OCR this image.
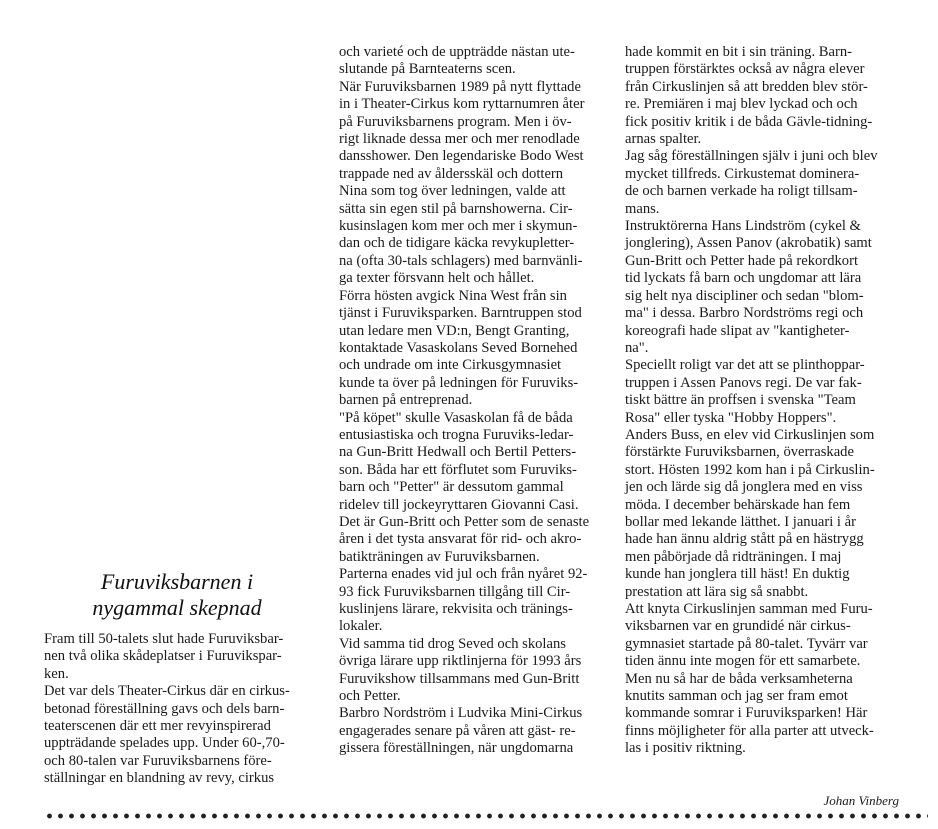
Furuviksbarnen i
nygammal skepnad

Fram till 50-talets slut hade Furuviksbar-

nen två olika skådeplatser i Furuvikspar-

ken.

Det var dels Theater-Cirkus där en cirkus-

betonad föreställning gavs och dels barn-

teaterscenen där ett mer revyinspirerad

uppträdande spelades upp. Under 60-,70-

och 80-talen var Furuviksbarnens före-

ställningar en blandning av revy, cirkus

och varieté och de uppträdde nästan ute-

slutande på Barnteaterns scen.

När Furuviksbarnen 1989 på nytt flyttade

in i Theater-Cirkus kom ryttarnumren åter

på Furuviksbarnens program. Men i öv-

rigt liknade dessa mer och mer renodlade

dansshower. Den legendariske Bodo West

trappade ned av åldersskäl och dottern

Nina som tog över ledningen, valde att

sätta sin egen stil på barnshowerna. Cir-

kusinslagen kom mer och mer i skymun-

dan och de tidigare käcka revykupletter-

na (ofta 30-tals schlagers) med barnvänli-

ga texter försvann helt och hållet.

Förra hösten avgick Nina West från sin

tjänst i Furuviksparken. Barntruppen stod

utan ledare men VD:n, Bengt Granting,

kontaktade Vasaskolans Seved Bornehed

och undrade om inte Cirkusgymnasiet

kunde ta över på ledningen för Furuviks-

barnen på entreprenad.

"På köpet" skulle Vasaskolan få de båda

entusiastiska och trogna Furuviks-ledar-

na Gun-Britt Hedwall och Bertil Petters-

son. Båda har ett förflutet som Furuviks-

barn och "Petter" är dessutom gammal

ridelev till jockeyryttaren Giovanni Casi.

Det är Gun-Britt och Petter som de senaste

åren i det tysta ansvarat för rid- och akro-

batikträningen av Furuviksbarnen.

Parterna enades vid jul och från nyåret 92-

93 fick Furuviksbarnen tillgång till Cir-

kuslinjens lärare, rekvisita och tränings-

lokaler.

Vid samma tid drog Seved och skolans

övriga lärare upp riktlinjerna för 1993 års

Furuvikshow tillsammans med Gun-Britt

och Petter.

Barbro Nordström i Ludvika Mini-Cirkus

engagerades senare på våren att gäst- re-

gissera föreställningen, när ungdomarna

hade kommit en bit i sin träning. Barn-

truppen förstärktes också av några elever

från Cirkuslinjen så att bredden blev stör-

re. Premiären i maj blev lyckad och och

fick positiv kritik i de båda Gävle-tidning-

arnas spalter.

Jag såg föreställningen själv i juni och blev

mycket tillfreds. Cirkustemat dominera-

de och barnen verkade ha roligt tillsam-

mans.

Instruktörerna Hans Lindström (cykel &

jonglering), Assen Panov (akrobatik) samt

Gun-Britt och Petter hade på rekordkort

tid lyckats få barn och ungdomar att lära

sig helt nya discipliner och sedan "blom-

ma" i dessa. Barbro Nordströms regi och

koreografi hade slipat av "kantigheter-

na".

Speciellt roligt var det att se plinthoppar-

truppen i Assen Panovs regi. De var fak-

tiskt bättre än proffsen i svenska "Team

Rosa" eller tyska "Hobby Hoppers".

Anders Buss, en elev vid Cirkuslinjen som

förstärkte Furuviksbarnen, överraskade

stort. Hösten 1992 kom han i på Cirkuslin-

jen och lärde sig då jonglera med en viss

möda. I december behärskade han fem

bollar med lekande lätthet. I januari i år

hade han ännu aldrig stått på en hästrygg

men påbörjade då ridträningen. I maj

kunde han jonglera till häst! En duktig

prestation att lära sig så snabbt.

Att knyta Cirkuslinjen samman med Furu-

viksbarnen var en grundidé när cirkus-

gymnasiet startade på 80-talet. Tyvärr var

tiden ännu inte mogen för ett samarbete.

Men nu så har de båda verksamheterna

knutits samman och jag ser fram emot

kommande somrar i Furuviksparken! Här

finns möjligheter för alla parter att utveck-

las i positiv riktning.

Johan Vinberg
